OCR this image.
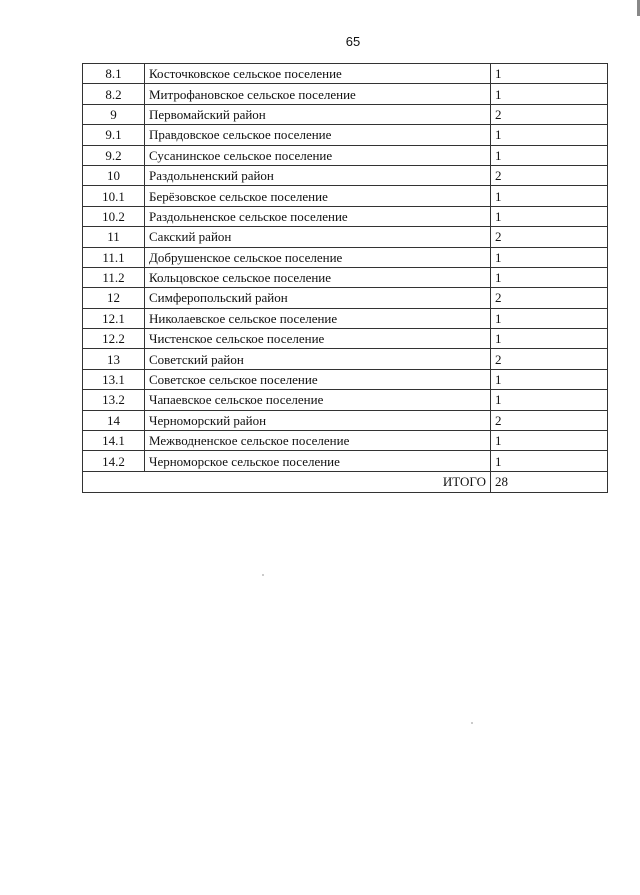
65
8.1	Косточковское сельское поселение	1
8.2	Митрофановское сельское поселение	1
9	Первомайский район	2
9.1	Правдовское сельское поселение	1
9.2	Сусанинское сельское поселение	1
10	Раздольненский район	2
10.1	Берёзовское сельское поселение	1
10.2	Раздольненское сельское поселение	1
11	Сакский район	2
11.1	Добрушенское сельское поселение	1
11.2	Кольцовское сельское поселение	1
12	Симферопольский район	2
12.1	Николаевское сельское поселение	1
12.2	Чистенское сельское поселение	1
13	Советский район	2
13.1	Советское сельское поселение	1
13.2	Чапаевское сельское поселение	1
14	Черноморский район	2
14.1	Межводненское сельское поселение	1
14.2	Черноморское сельское поселение	1
ИТОГО		28
